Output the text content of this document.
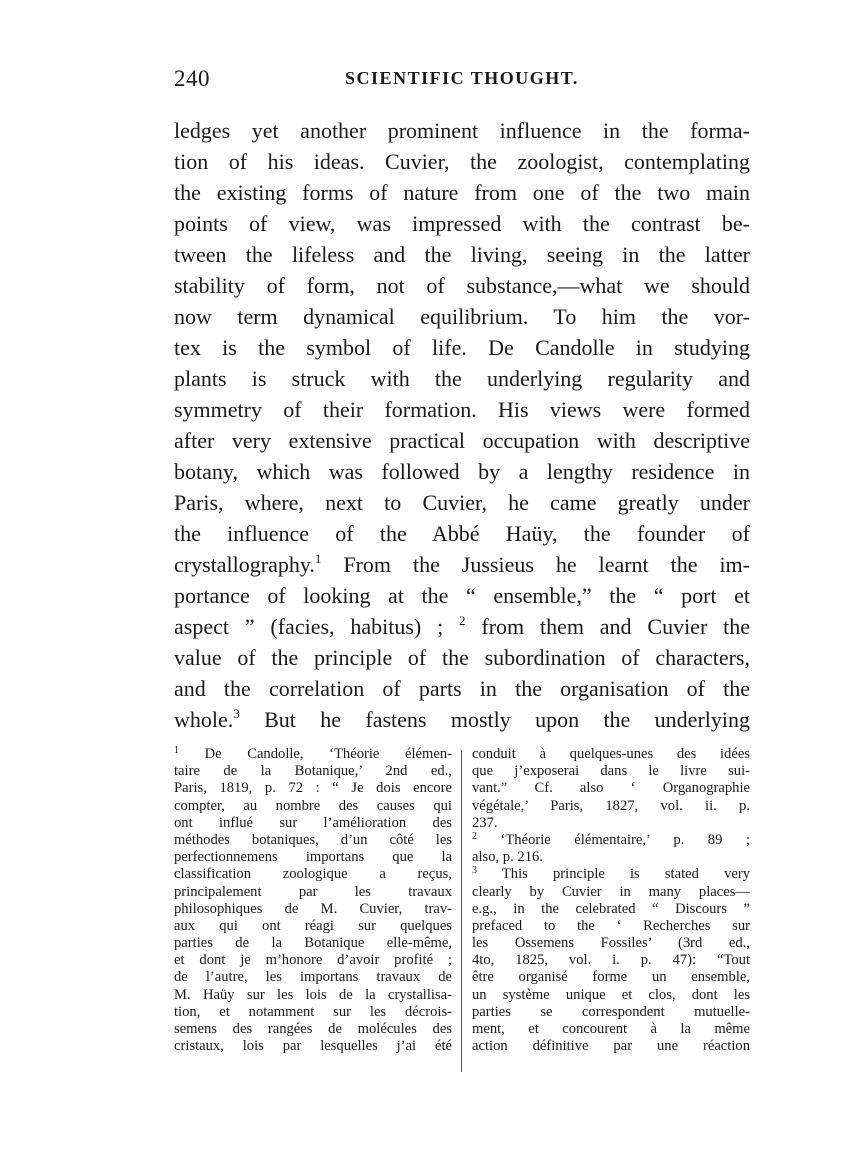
240	SCIENTIFIC THOUGHT.
ledges yet another prominent influence in the forma-
tion of his ideas. Cuvier, the zoologist, contemplating
the existing forms of nature from one of the two main
points of view, was impressed with the contrast be-
tween the lifeless and the living, seeing in the latter
stability of form, not of substance,—what we should
now term dynamical equilibrium. To him the vor-
tex is the symbol of life. De Candolle in studying
plants is struck with the underlying regularity and
symmetry of their formation. His views were formed
after very extensive practical occupation with descriptive
botany, which was followed by a lengthy residence in
Paris, where, next to Cuvier, he came greatly under
the influence of the Abbé Haüy, the founder of
crystallography.$^1$ From the Jussieus he learnt the im-
portance of looking at the “ ensemble,” the “ port et
aspect ” (facies, habitus) ; $^2$ from them and Cuvier the
value of the principle of the subordination of characters,
and the correlation of parts in the organisation of the
whole.$^3$ But he fastens mostly upon the underlying
$^1$ De Candolle, ‘Théorie élémen-
taire de la Botanique,’ 2nd ed.,
Paris, 1819, p. 72 : “ Je dois encore
compter, au nombre des causes qui
ont influé sur l’amélioration des
méthodes botaniques, d’un côté les
perfectionnemens importans que la
classification zoologique a reçus,
principalement par les travaux
philosophiques de M. Cuvier, trav-
aux qui ont réagi sur quelques
parties de la Botanique elle-même,
et dont je m’honore d’avoir profité ;
de l’autre, les importans travaux de
M. Haüy sur les lois de la crystallisa-
tion, et notamment sur les décrois-
semens des rangées de molécules des
cristaux, lois par lesquelles j’ai été
conduit à quelques-unes des idées
que j’exposerai dans le livre sui-
vant.” Cf. also ‘ Organographie
végétale,’ Paris, 1827, vol. ii. p.
237.
$^2$ ‘Théorie élémentaire,’ p. 89 ;
also, p. 216.
$^3$ This principle is stated very
clearly by Cuvier in many places—
e.g., in the celebrated “ Discours ”
prefaced to the ‘ Recherches sur
les Ossemens Fossiles’ (3rd ed.,
4to, 1825, vol. i. p. 47): “Tout
être organisé forme un ensemble,
un système unique et clos, dont les
parties se correspondent mutuelle-
ment, et concourent à la même
action définitive par une réaction
